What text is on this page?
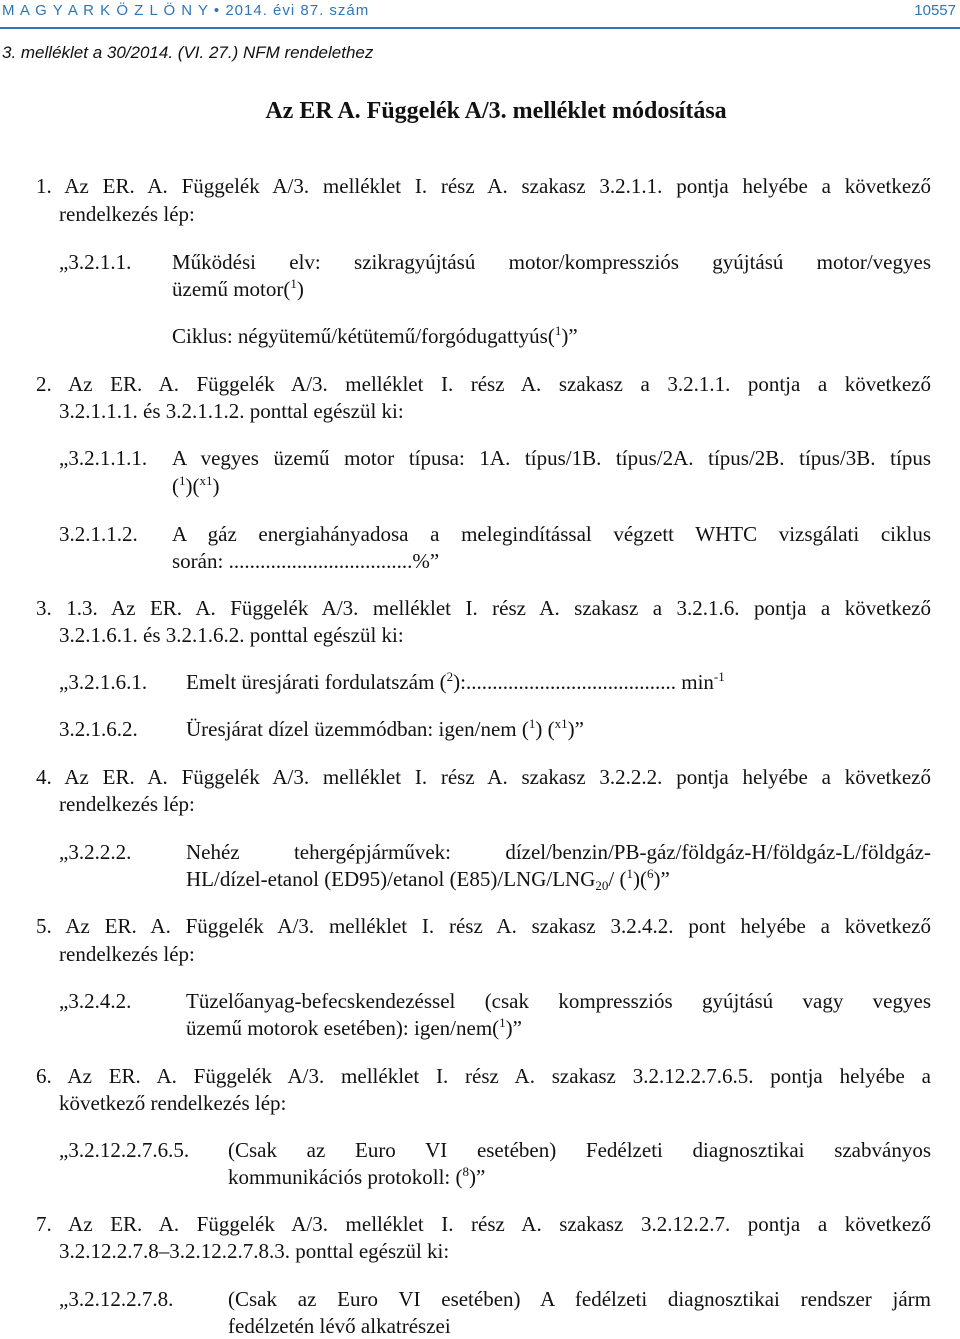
M A G Y A R K Ö Z L Ö N Y • 2014. évi 87. szám	10557
3. melléklet a 30/2014. (VI. 27.) NFM rendelethez
Az ER A. Függelék A/3. melléklet módosítása
1. Az ER. A. Függelék A/3. melléklet I. rész A. szakasz 3.2.1.1. pontja helyébe a következő
rendelkezés lép:
„3.2.1.1. Működési elv: szikragyújtású motor/kompressziós gyújtású motor/vegyes
üzemű motor($^1$)
Ciklus: négyütemű/kétütemű/forgódugattyús($^1$)”
2. Az ER. A. Függelék A/3. melléklet I. rész A. szakasz a 3.2.1.1. pontja a következő
3.2.1.1.1. és 3.2.1.1.2. ponttal egészül ki:
„3.2.1.1.1. A vegyes üzemű motor típusa: 1A. típus/1B. típus/2A. típus/2B. típus/3B. típus
($^1$)($^{x1}$)
3.2.1.1.2. A gáz energiahányadosa a melegindítással végzett WHTC vizsgálati ciklus
során: ...................................%”
3. 1.3. Az ER. A. Függelék A/3. melléklet I. rész A. szakasz a 3.2.1.6. pontja a következő
3.2.1.6.1. és 3.2.1.6.2. ponttal egészül ki:
„3.2.1.6.1. Emelt üresjárati fordulatszám ($^2$):........................................ $\min^{-1}$
3.2.1.6.2. Üresjárat dízel üzemmódban: igen/nem ($^1$) ($^{x1}$)”
4. Az ER. A. Függelék A/3. melléklet I. rész A. szakasz 3.2.2.2. pontja helyébe a következő
rendelkezés lép:
„3.2.2.2.	Nehéz tehergépjárművek: dízel/benzin/PB-gáz/földgáz-H/földgáz-L/földgáz-
HL/dízel-etanol (ED95)/etanol $(E85)/LNG/LNG_{20}/$ ($^1$)($^6$)”
5. Az ER. A. Függelék A/3. melléklet I. rész A. szakasz 3.2.4.2. pont helyébe a következő
rendelkezés lép:
„3.2.4.2.	Tüzelőanyag-befecskendezéssel (csak kompressziós gyújtású vagy vegyes
üzemű motorok esetében): igen/nem($^1$)”
6. Az ER. A. Függelék A/3. melléklet I. rész A. szakasz 3.2.12.2.7.6.5. pontja helyébe a
következő rendelkezés lép:
„3.2.12.2.7.6.5. (Csak az Euro VI esetében) Fedélzeti diagnosztikai szabványos
kommunikációs protokoll: ($^8$)”
7. Az ER. A. Függelék A/3. melléklet I. rész A. szakasz 3.2.12.2.7. pontja a következő
3.2.12.2.7.8–3.2.12.2.7.8.3. ponttal egészül ki:
„3.2.12.2.7.8.	(Csak az Euro VI esetében) A fedélzeti diagnosztikai rendszer járm
fedélzetén lévő alkatrészei
